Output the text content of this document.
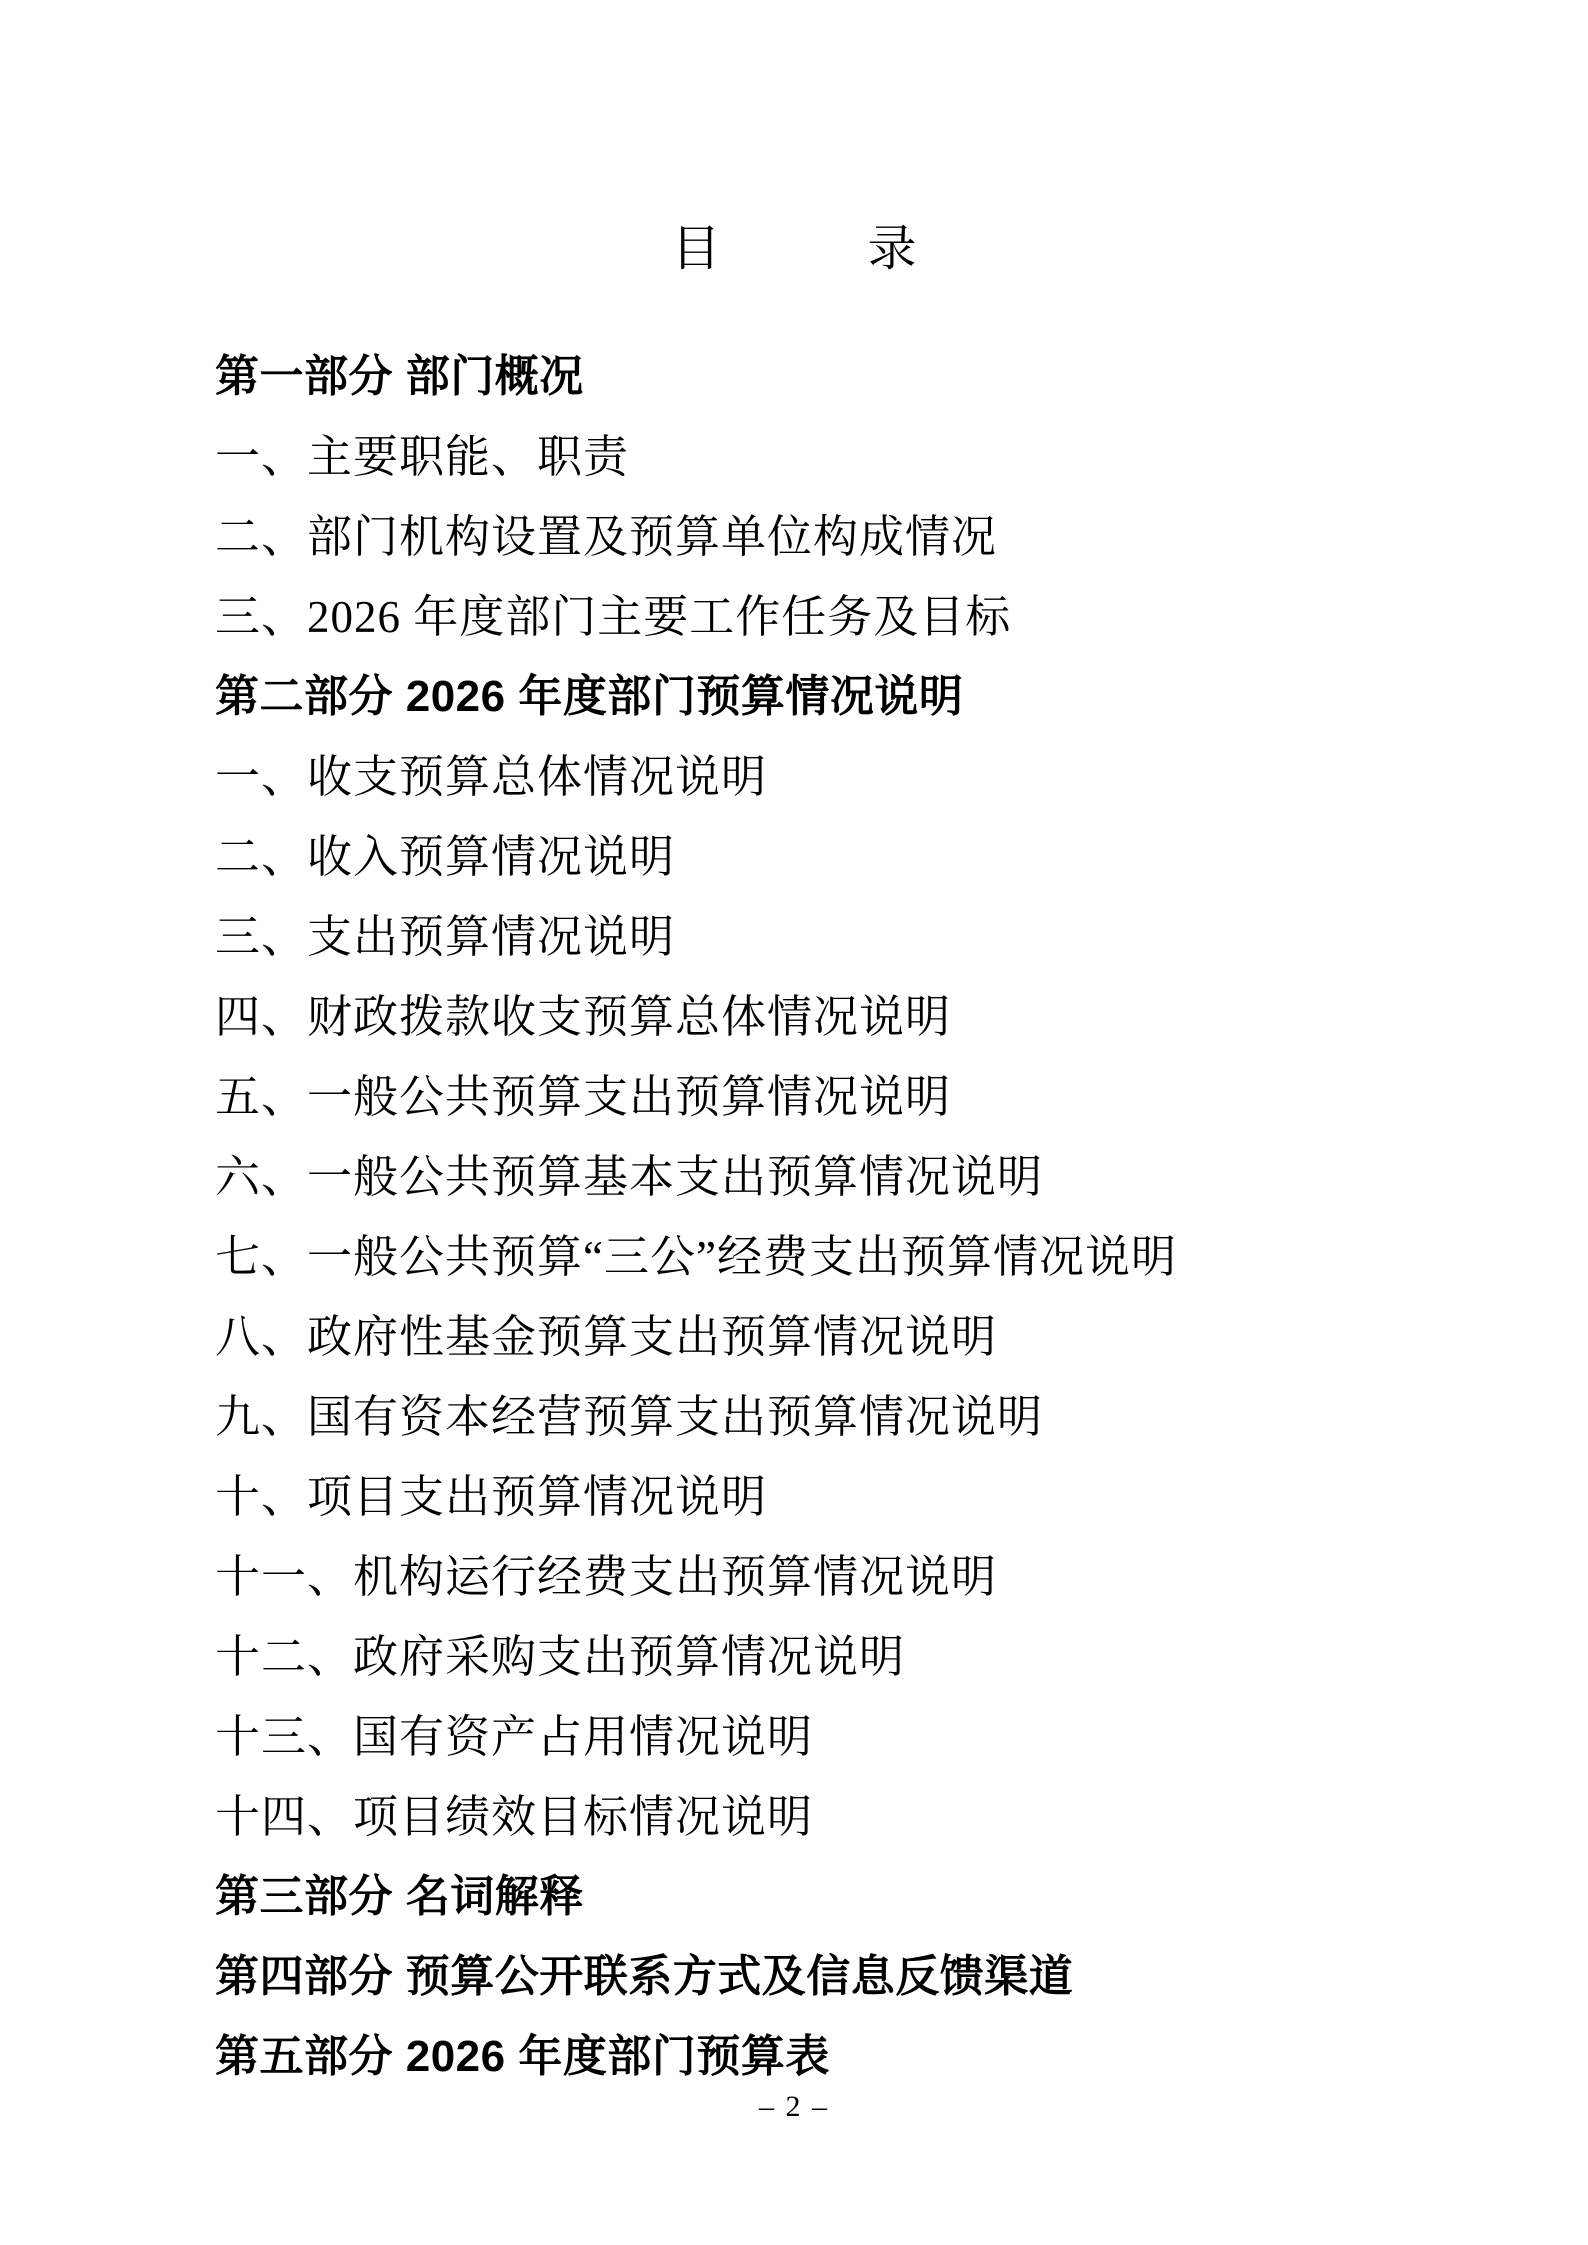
目　　　录
第一部分 部门概况
一、主要职能、职责
二、部门机构设置及预算单位构成情况
三、2026 年度部门主要工作任务及目标
第二部分 2026 年度部门预算情况说明
一、收支预算总体情况说明
二、收入预算情况说明
三、支出预算情况说明
四、财政拨款收支预算总体情况说明
五、一般公共预算支出预算情况说明
六、一般公共预算基本支出预算情况说明
七、一般公共预算“三公”经费支出预算情况说明
八、政府性基金预算支出预算情况说明
九、国有资本经营预算支出预算情况说明
十、项目支出预算情况说明
十一、机构运行经费支出预算情况说明
十二、政府采购支出预算情况说明
十三、国有资产占用情况说明
十四、项目绩效目标情况说明
第三部分 名词解释
第四部分 预算公开联系方式及信息反馈渠道
第五部分 2026 年度部门预算表
– 2 –
